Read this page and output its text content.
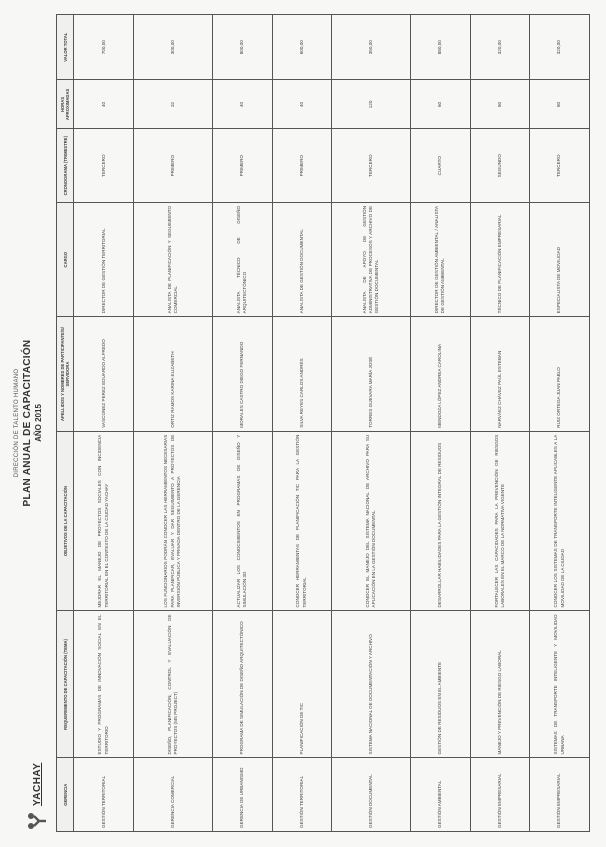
YACHAY
DIRECCIÓN DE TALENTO HUMANO PLAN ANUAL DE CAPACITACIÓN AÑO 2015
GERENCIA	REQUERIMIENTO DE CAPACITACIÓN (TEMA)	OBJETIVOS DE LA CAPACITACIÓN	APELLIDOS Y NOMBRES DE PARTICIPANTE/S/ SERVIDORA	CARGO	CRONOGRAMA (TRIMESTRE)	HORAS APROXIMADAS	VALOR TOTAL
GESTIÓN TERRITORIAL	ESTUDIO Y PROGRAMAS DE INNOVACIÓN SOCIAL EN EL TERRITORIO	MEJORAR EL MANEJO DE PROYECTOS SOCIALES CON INCIDENCIA TERRITORIAL EN EL CONTEXTO DE LA CIUDAD YACHAY	VASCONEZ PEREZ EDUARDO ALFREDO	DIRECTOR DE GESTIÓN TERRITORIAL	TERCERO	40	700,00
GERENCIA COMERCIAL	DISEÑO, PLANIFICACIÓN, CONTROL Y EVALUACIÓN DE PROYECTOS (MS PROJECT)	LOS FUNCIONARIOS PODRÁN CONOCER LAS HERRAMIENTOS NECESARIAS PARA PLANIFICAR, EVALUAR Y DAR SEGUIMIENTO A PROYECTOS DE INVERSIÓN PÚBLICA Y PRIVADA DENTRO DE LA GERENCIA	ORTIZ RAMOS KARINA ELIZABETH	ANALISTA DE PLANIFICACIÓN Y SEGUIMIENTO COMERCIAL	PRIMERO	32	300,00
GERENCIA DE URBANISMO	PROGRAMA DE SIMULACIÓN DE DISEÑO ARQUITECTÓNICO	ACTUALIZAR LOS CONOCIMIENTOS EN PROGRAMAS DE DISEÑO Y SIMULACIÓN 3D	MORALES CASTRO DIEGO FERNANDO	ANALISTA TÉCNICO DE DISEÑO ARQUITECTÓNICO	PRIMERO	40	800,00
GESTIÓN TERRITORIAL	PLANIFICACIÓN DE TIC	CONOCER HERRAMIENTAS DE PLANIFICACIÓN TIC PARA LA GESTIÓN TERRITORIAL	SILVA REYES CARLOS ANDRÉS	ANALISTA DE GESTIÓN DOCUMENTAL	PRIMERO	40	600,00
GESTIÓN DOCUMENTAL	SISTEMA NACIONAL DE DOCUMENTACIÓN Y ARCHIVO	CONOCER EL MANEJO DEL SISTEMA NACIONAL DE ARCHIVO PARA SU APLICACIÓN EN LA GESTIÓN DOCUMENTAL	TORRES GUEVARA MARÍA JOSÉ	ANALISTA DE APOYO DE GESTIÓN ADMINISTRATIVA DE PROCESOS Y ARCHIVO DE GESTIÓN DOCUMENTAL	TERCERO	120	350,00
GESTIÓN AMBIENTAL	GESTIÓN DE RESIDUOS EN EL AMBIENTE	DESARROLLAR HABILIDADES PARA LA GESTIÓN INTEGRAL DE RESIDUOS	MENDOZA LÓPEZ ANDREA CAROLINA	DIRECTOR DE GESTIÓN AMBIENTAL / ANALISTA DE GESTIÓN AMBIENTAL	CUARTO	60	880,00
GESTIÓN EMPRESARIAL	MANEJO Y PREVENCIÓN DE RIESGO LABORAL	FORTALECER LAS CAPACIDADES PARA LA PREVENCIÓN DE RIESGOS LABORALES EN EL MARCO DE LA NORMATIVA VIGENTE	NARVÁEZ CHÁVEZ PAÚL ESTEBAN	TÉCNICO DE PLANIFICACIÓN EMPRESARIAL	SEGUNDO	80	320,00
GESTIÓN EMPRESARIAL	SISTEMAS DE TRANSPORTE INTELIGENTE Y MOVILIDAD URBANA	CONOCER LOS SISTEMAS DE TRANSPORTE INTELIGENTE APLICABLES A LA MOVILIDAD DE LA CIUDAD	RUIZ ORTEGA JUAN PABLO	ESPECIALISTA DE MOVILIDAD	TERCERO	80	320,00
